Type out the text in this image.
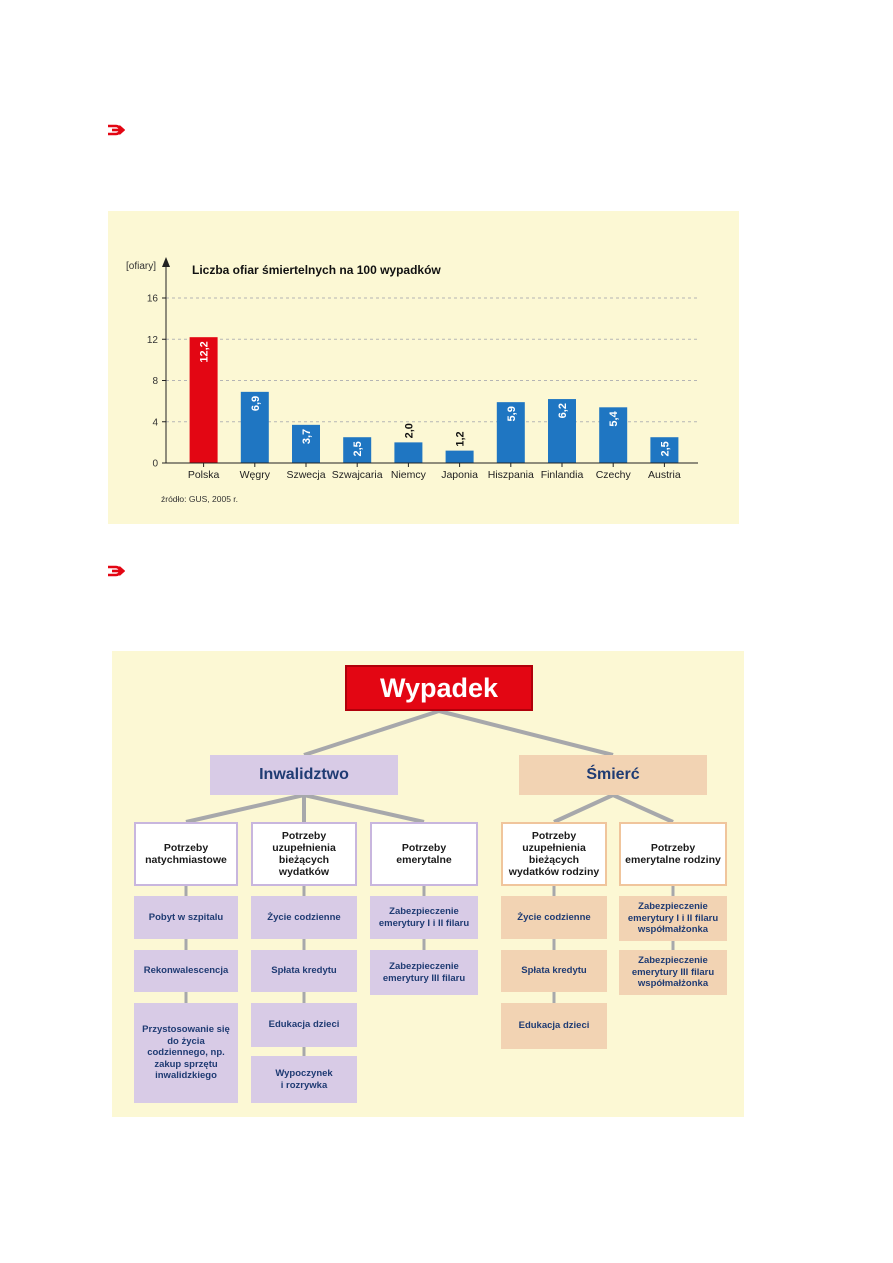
[ofiary]	Liczba ofiar śmiertelnych na 100 wypadków
0
4
8
12
16
12,2
Polska
6,9
Węgry
3,7
Szwecja
2,5
Szwajcaria
2,0
Niemcy
1,2
Japonia
5,9
Hiszpania
6,2
Finlandia
5,4
Czechy
2,5
Austria
źródło: GUS, 2005 r.
Wypadek
Inwalidztwo
Potrzeby
natychmiastowe
Pobyt w szpitalu
Rekonwalescencja
Przystosowanie się
do życia
codziennego, np.
zakup sprzętu
inwalidzkiego
Potrzeby
uzupełnienia
bieżących
wydatków
Życie codzienne
Spłata kredytu
Edukacja dzieci
Wypoczynek
i rozrywka
Potrzeby
emerytalne
Zabezpieczenie
emerytury I i II filaru
Zabezpieczenie
emerytury III filaru
Śmierć
Potrzeby
uzupełnienia
bieżących
wydatków rodziny
Życie codzienne
Spłata kredytu
Edukacja dzieci
Potrzeby
emerytalne rodziny
Zabezpieczenie
emerytury I i II filaru
współmałżonka
Zabezpieczenie
emerytury III filaru
współmałżonka
